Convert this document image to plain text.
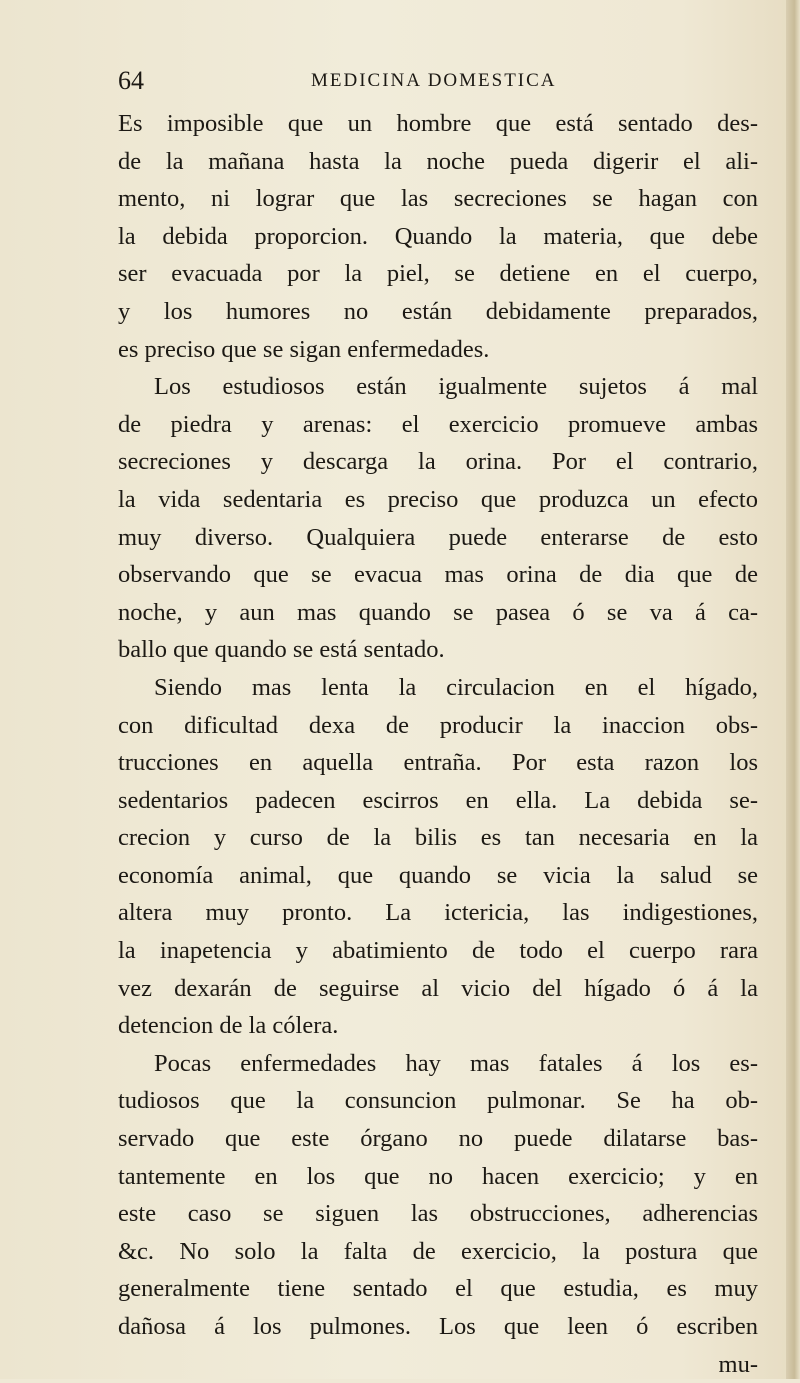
64	MEDICINA DOMESTICA
Es imposible que un hombre que está sentado des-
de la mañana hasta la noche pueda digerir el ali-
mento, ni lograr que las secreciones se hagan con
la debida proporcion. Quando la materia, que debe
ser evacuada por la piel, se detiene en el cuerpo,
y los humores no están debidamente preparados,
es preciso que se sigan enfermedades.
Los estudiosos están igualmente sujetos á mal
de piedra y arenas: el exercicio promueve ambas
secreciones y descarga la orina. Por el contrario,
la vida sedentaria es preciso que produzca un efecto
muy diverso. Qualquiera puede enterarse de esto
observando que se evacua mas orina de dia que de
noche, y aun mas quando se pasea ó se va á ca-
ballo que quando se está sentado.
Siendo mas lenta la circulacion en el hígado,
con dificultad dexa de producir la inaccion obs-
trucciones en aquella entraña. Por esta razon los
sedentarios padecen escirros en ella. La debida se-
crecion y curso de la bilis es tan necesaria en la
economía animal, que quando se vicia la salud se
altera muy pronto. La ictericia, las indigestiones,
la inapetencia y abatimiento de todo el cuerpo rara
vez dexarán de seguirse al vicio del hígado ó á la
detencion de la cólera.
Pocas enfermedades hay mas fatales á los es-
tudiosos que la consuncion pulmonar. Se ha ob-
servado que este órgano no puede dilatarse bas-
tantemente en los que no hacen exercicio; y en
este caso se siguen las obstrucciones, adherencias
&c. No solo la falta de exercicio, la postura que
generalmente tiene sentado el que estudia, es muy
dañosa á los pulmones. Los que leen ó escriben
mu-
